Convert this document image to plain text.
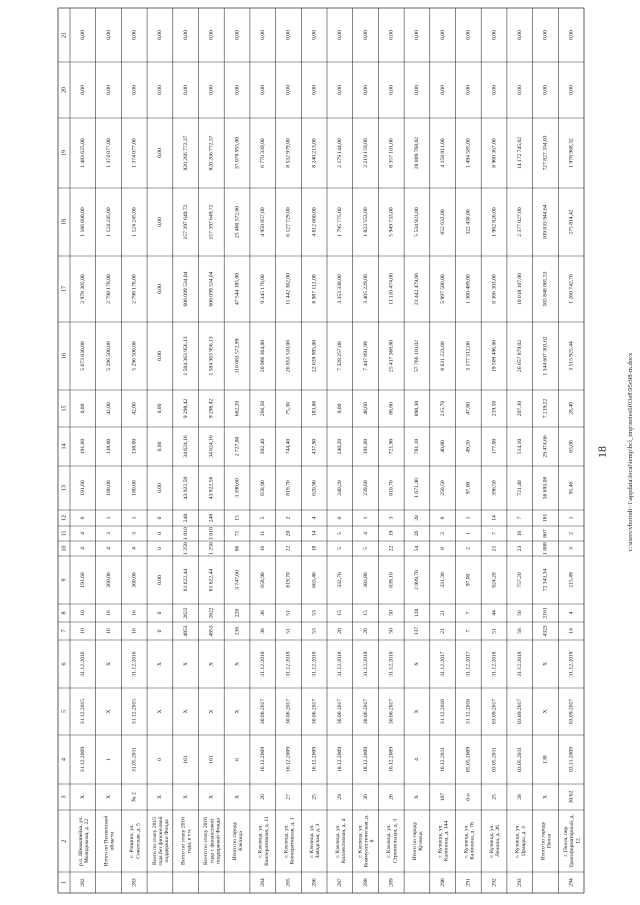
1
2
3
4
5
6
7
8
9
10
11
12
13
14
15
16
17
18
19
20
21
282
р.п. Шемышейка, ул.Молодежная, д. 22
Х
31.12.2009
31.12.2015
31.12.2016
10
10
191,60
4
4
0
191,60
191,60
0,00
5 673 830,00
2 978 305,00
1 186 600,00
1 483 625,00
0,00
0,00
Итого по Пензенскойобласти
Х
1
Х
Х
16
16
360,00
4
3
1
180,00
138,00
42,00
5 296 500,00
2 798 178,00
1 124 245,00
1 374 077,00
0,00
0,00
283
с. Рощино, ул.Советская, д. 5
№ 2
31.05.2011
31.12.2015
31.12.2016
16
16
360,00
4
3
1
180,00
138,00
42,00
5 296 500,00
2 798 178,00
1 124 245,00
1 374 077,00
0,00
0,00
Всего по этапу 2015года без финансовойподдержки Фонда
Х
0
Х
Х
0
0
0,00
0
0
0
0,00
0,00
0,00
0,00
0,00
0,00
0,00
0,00
0,00
Всего по этапу 2016года, в т.ч.
Х
161
Х
Х
4853
2622
81 622,44
1 258
1 010
248
43 922,58
34 624,16
9 298,42
1 584 363 956,13
606 099 534,04
157 397 649,72
820 266 772,37
0,00
0,00
Всего по этапу 2016года с финансовойподдержкой Фонда
Х
161
Х
Х
4853
2622
81 622,44
1 258
1 010
248
43 922,58
34 624,16
9 298,42
1 584 363 956,13
606 099 534,04
157 397 649,72
820 266 772,37
0,00
0,00
Итого по городуКзелица
Х
6
Х
Х
236
220
3 747,60
86
71
15
3 390,60
2 727,80
662,20
110 083 572,99
47 544 185,00
25 460 572,00
37 078 955,00
0,00
0,00
284
г. Кзелица, ул.Кооперативная, д. 11
26
16.12.2009
30.06.2017
31.12.2018
36
36
658,90
16
11
5
658,90
392,40
266,50
20 966 364,00
9 345 170,00
4 950 857,00
6 770 339,00
0,00
0,00
285
г. Кзелица, ул.Кооперативная, д. 1
27
16.12.2009
30.06.2017
31.12.2018
51
51
819,70
22
20
2
819,70
744,40
75,30
26 853 510,00
11 442 362,00
6 127 729,00
8 532 979,00
0,00
0,00
286
г. Кзелица, ул.Заводская, д. 3
25
16.12.2009
30.06.2017
31.12.2018
53
53
663,40
18
14
4
620,90
437,90
183,00
22 039 995,00
8 987 112,00
4 812 660,00
8 240 213,00
0,00
0,00
287
г. Кзелица, ул.Коллективная, д. 4
29
18.12.2009
30.06.2017
31.12.2018
20
15
332,70
5
5
0
240,20
240,20
0,00
7 328 257,00
3 353 338,00
1 795 775,00
2 179 144,00
0,00
0,00
288
г. Кзелица, ул.Коммунистическая, д.8
30
18.12.2009
30.06.2017
31.12.2018
20
15
383,80
5
4
1
239,60
191,00
48,60
7 447 891,99
3 405 229,00
1 823 553,00
2 219 159,00
0,00
0,00
289
г. Кзелица, ул.Строительная, д. 3
26
16.12.2009
30.06.2017
31.12.2018
50
50
839,10
22
19
3
810,70
721,90
88,80
25 417 368,00
11 110 474,00
5 949 733,00
8 357 101,00
0,00
0,00
Итого по городуКузнецк
Х
4
Х
Х
137
128
2 009,70
54
26
28
1 671,40
781,10
890,30
57 766 110,02
23 442 479,66
5 534 923,00
28 809 768,02
0,00
0,00
290
г. Кузнецк, ул.Калинина, д. 144
107
16.12.2011
31.12.2016
31.12.2017
21
21
331,30
8
2
6
256,50
40,80
215,70
8 631 223,00
5 997 580,00
852 632,00
4 158 011,00
0,00
0,00
291
г. Кузнецк, ул.Калинина, д. 78
б/н
05.05.2009
31.12.2016
31.12.2017
7
7
97,00
2
1
1
97,00
49,20
47,80
3 177 512,00
1 360 489,00
322 438,00
1 494 585,00
0,00
0,00
292
г. Кузнецк, ул.Ленина, д. 36
25
03.05.2011
03.09.2017
31.12.2018
51
44
824,20
21
7
14
396,50
177,00
219,50
19 509 496,00
8 366 303,00
1 982 826,00
8 960 367,00
0,00
0,00
293
г. Кузнецк, ул.Правды, д. 3
28
03.05.2011
03.09.2017
31.12.2018
58
56
757,20
23
16
7
721,40
514,10
207,30
26 657 879,02
10 018 107,00
2 377 027,00
14 172 745,02
0,00
0,00
Итого по городуПенза
Х
138
Х
Х
4323
2161
72 343,34
1 088
867
181
36 693,08
29 474,66
7 219,22
1 344 607 303,62
505 848 085,53
109 833 944,64
727 827 334,03
0,00
0,00
294
г. Пенза, пер.Трансформаторный, д.12
30/02
03.11.2009
03.09.2017
31.12.2018
14
4
215,49
3
2
1
91,46
63,06
28,40
3 515 925,44
1 260 742,70
275 814,42
1 978 968,32
0,00
0,00
18	c:\users\vborodi~1\appdata\local\temp\bcl_tmp\notes6f03e8\95c98-m.docx
